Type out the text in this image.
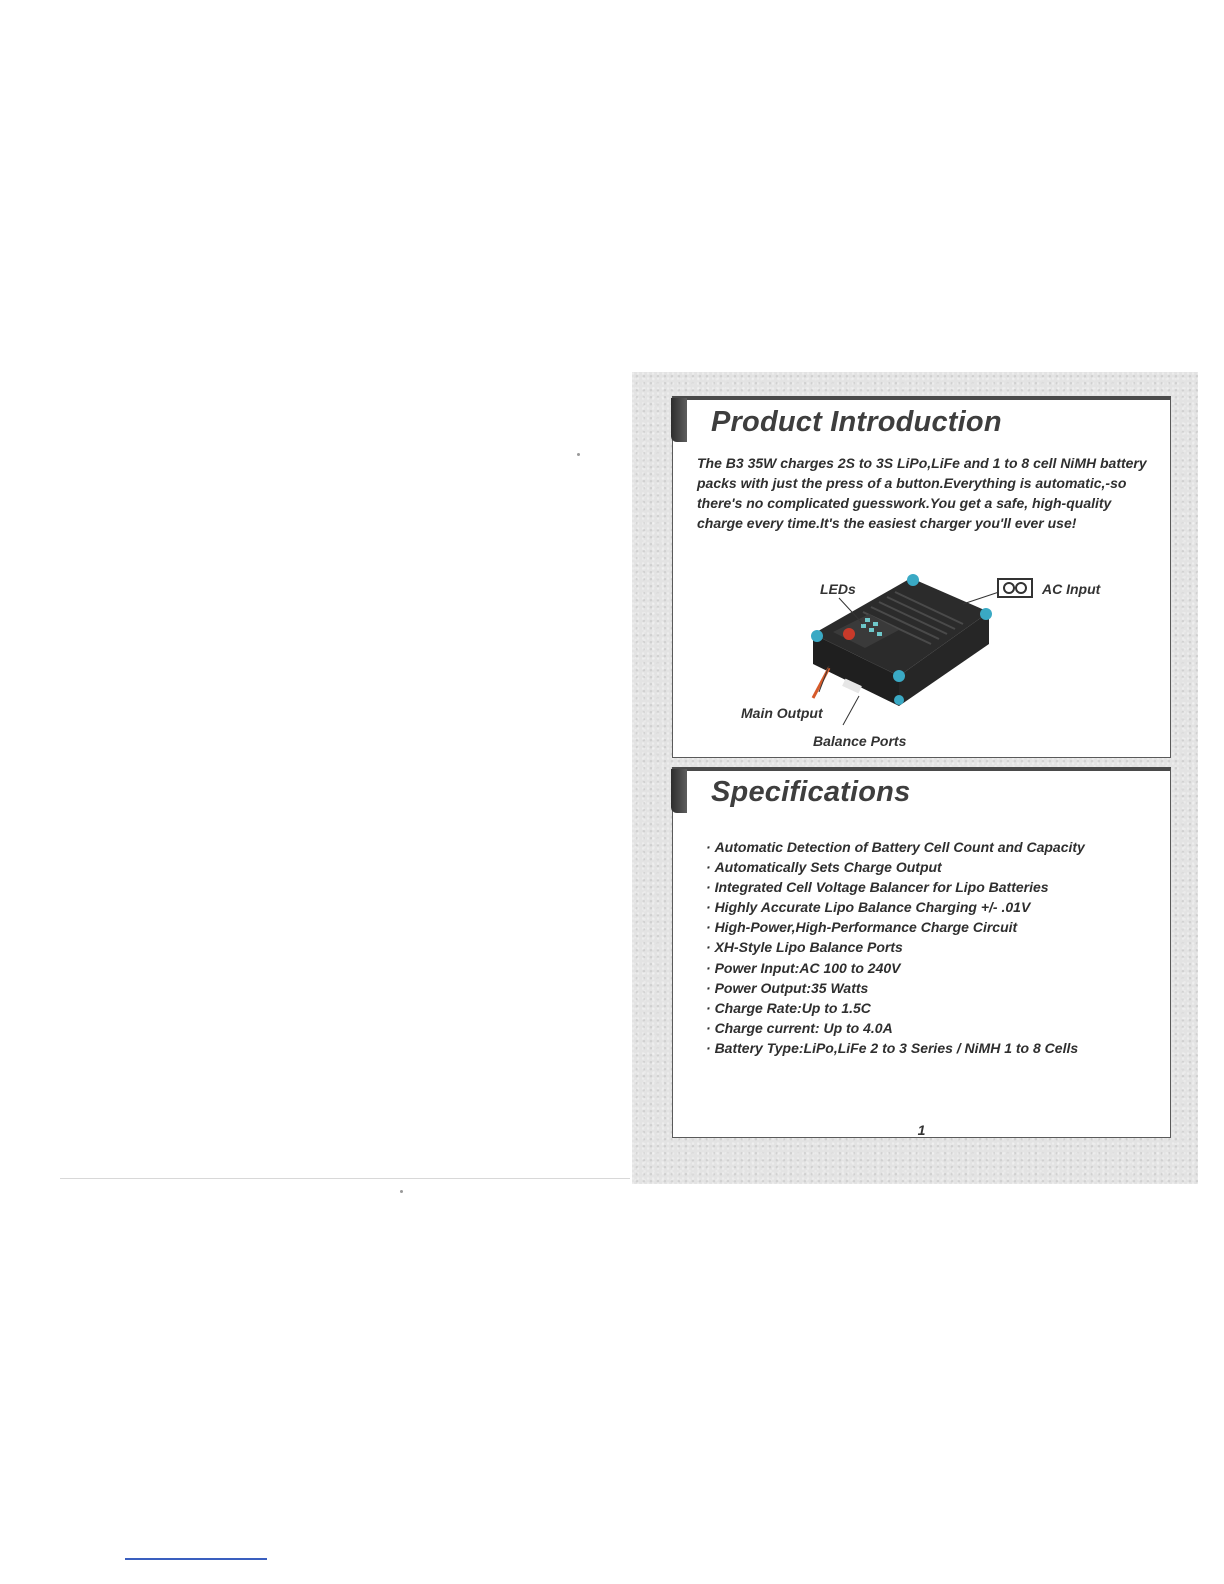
Product Introduction

The B3 35W charges 2S to 3S LiPo,LiFe and 1 to 8 cell NiMH battery packs with just the press of a button.Everything is automatic,-so there's no complicated guesswork.You get a safe, high-quality charge every time.It's the easiest charger you'll ever use!

LEDs	AC Input
Main Output
Balance Ports
Specifications
· Automatic Detection of Battery Cell Count and Capacity
· Automatically Sets Charge Output
· Integrated Cell Voltage Balancer for Lipo Batteries
· Highly Accurate Lipo Balance Charging +/- .01V
· High-Power,High-Performance Charge Circuit
· XH-Style Lipo Balance Ports
· Power Input:AC 100 to 240V
· Power Output:35 Watts
· Charge Rate:Up to 1.5C
· Charge current: Up to 4.0A
· Battery Type:LiPo,LiFe 2 to 3 Series / NiMH 1 to 8 Cells
1
